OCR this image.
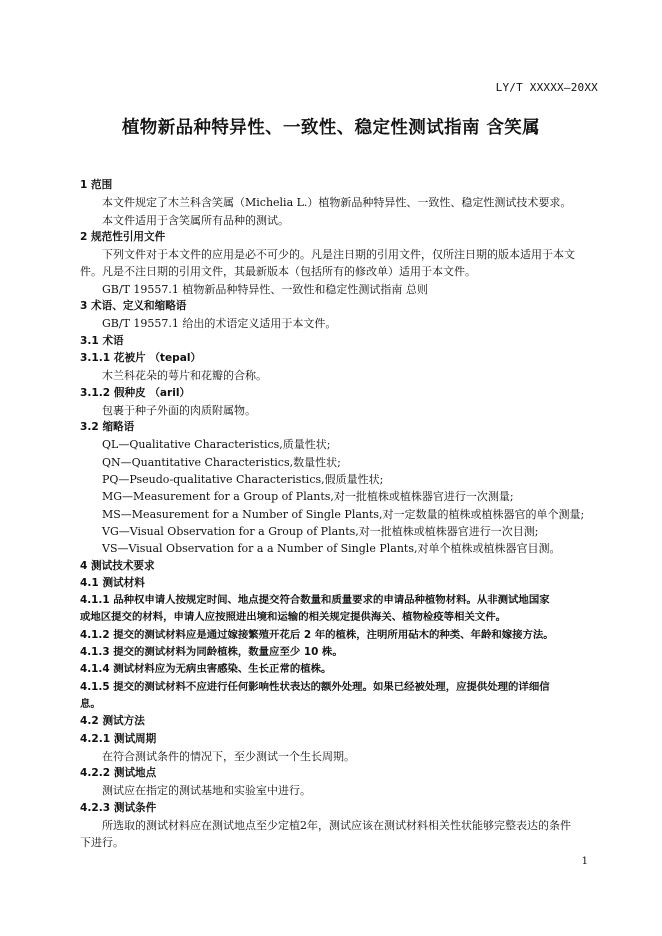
LY/T XXXXX—20XX
植物新品种特异性、一致性、稳定性测试指南 含笑属
1 范围
本文件规定了木兰科含笑属（Michelia L.）植物新品种特异性、一致性、稳定性测试技术要求。
本文件适用于含笑属所有品种的测试。
2 规范性引用文件
下列文件对于本文件的应用是必不可少的。凡是注日期的引用文件，仅所注日期的版本适用于本文
件。凡是不注日期的引用文件，其最新版本（包括所有的修改单）适用于本文件。
GB/T 19557.1 植物新品种特异性、一致性和稳定性测试指南 总则
3 术语、定义和缩略语
GB/T 19557.1 给出的术语定义适用于本文件。
3.1 术语
3.1.1 花被片 （tepal）
木兰科花朵的萼片和花瓣的合称。
3.1.2 假种皮 （aril）
包裹于种子外面的肉质附属物。
3.2 缩略语
QL—Qualitative Characteristics,质量性状;
QN—Quantitative Characteristics,数量性状;
PQ—Pseudo-qualitative Characteristics,假质量性状;
MG—Measurement for a Group of Plants,对一批植株或植株器官进行一次测量;
MS—Measurement for a Number of Single Plants,对一定数量的植株或植株器官的单个测量;
VG—Visual Observation for a Group of Plants,对一批植株或植株器官进行一次目测;
VS—Visual Observation for a a Number of Single Plants,对单个植株或植株器官目测。
4 测试技术要求
4.1 测试材料
4.1.1 品种权申请人按规定时间、地点提交符合数量和质量要求的申请品种植物材料。从非测试地国家
或地区提交的材料，申请人应按照进出境和运输的相关规定提供海关、植物检疫等相关文件。
4.1.2 提交的测试材料应是通过嫁接繁殖开花后 2 年的植株，注明所用砧木的种类、年龄和嫁接方法。
4.1.3 提交的测试材料为同龄植株，数量应至少 10 株。
4.1.4 测试材料应为无病虫害感染、生长正常的植株。
4.1.5 提交的测试材料不应进行任何影响性状表达的额外处理。如果已经被处理，应提供处理的详细信
息。
4.2 测试方法
4.2.1 测试周期
在符合测试条件的情况下，至少测试一个生长周期。
4.2.2 测试地点
测试应在指定的测试基地和实验室中进行。
4.2.3 测试条件
所选取的测试材料应在测试地点至少定植2年，测试应该在测试材料相关性状能够完整表达的条件
下进行。
1
